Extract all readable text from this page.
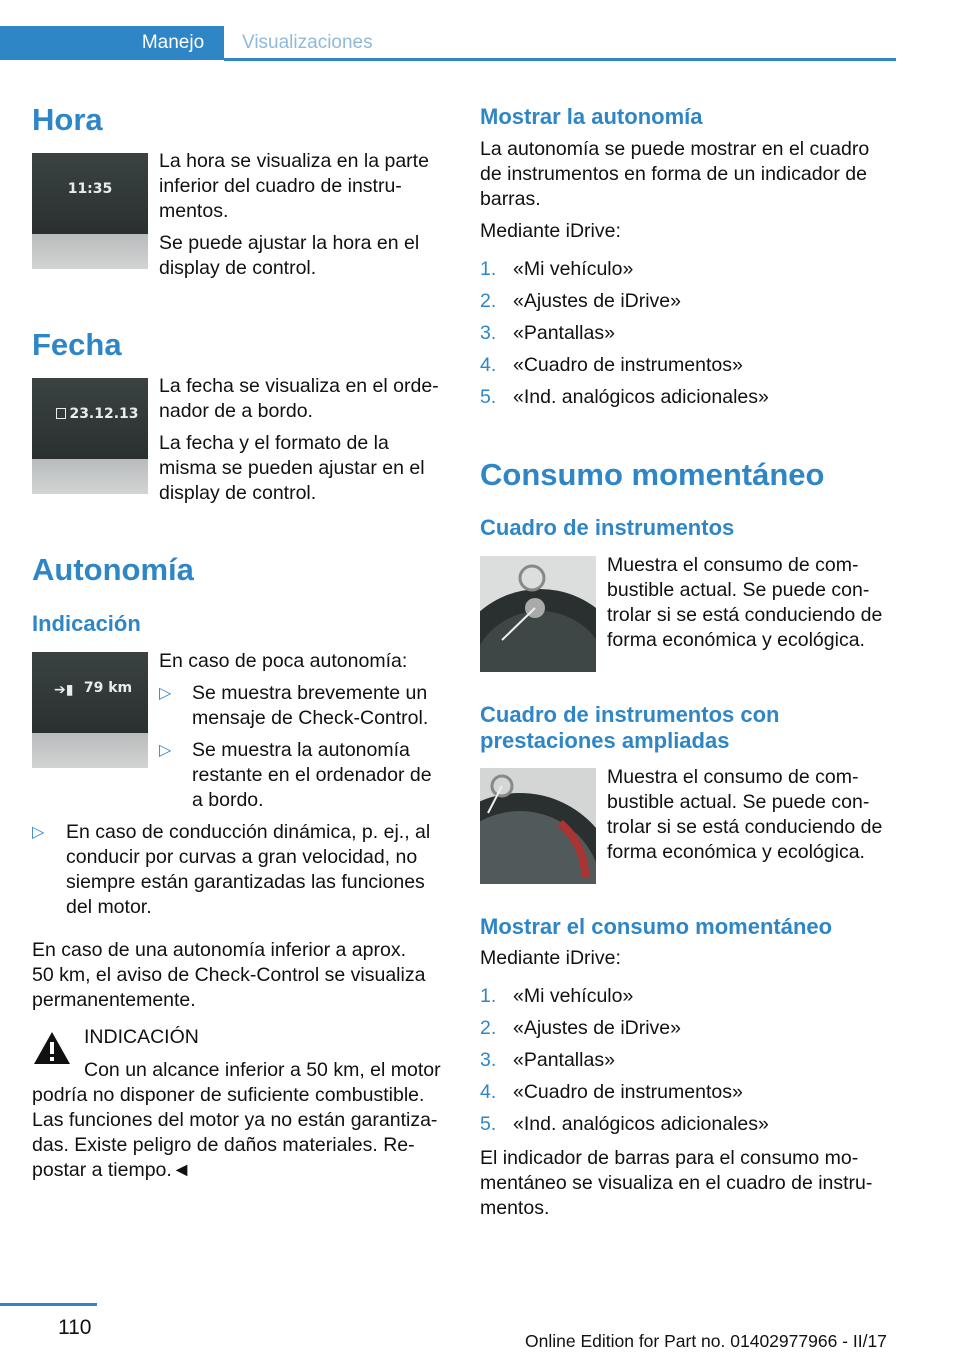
Manejo	Visualizaciones
Hora
11:35
La hora se visualiza en la parte
inferior del cuadro de instru-
mentos.
Se puede ajustar la hora en el
display de control.
Fecha
23.12.13
La fecha se visualiza en el orde-
nador de a bordo.
La fecha y el formato de la
misma se pueden ajustar en el
display de control.
Autonomía
Indicación
➔▮ 79 km
En caso de poca autonomía:
▷ Se muestra brevemente un
mensaje de Check-Control.
▷ Se muestra la autonomía
restante en el ordenador de
a bordo.
▷ En caso de conducción dinámica, p. ej., al
conducir por curvas a gran velocidad, no
siempre están garantizadas las funciones
del motor.
En caso de una autonomía inferior a aprox.
50 km, el aviso de Check-Control se visualiza
permanentemente.
INDICACIÓN
Con un alcance inferior a 50 km, el motor
podría no disponer de suficiente combustible.
Las funciones del motor ya no están garantiza-
das. Existe peligro de daños materiales. Re-
postar a tiempo.◄
Mostrar la autonomía
La autonomía se puede mostrar en el cuadro
de instrumentos en forma de un indicador de
barras.
Mediante iDrive:
1. «Mi vehículo»
2. «Ajustes de iDrive»
3. «Pantallas»
4. «Cuadro de instrumentos»
5. «Ind. analógicos adicionales»
Consumo momentáneo
Cuadro de instrumentos
Muestra el consumo de com-
bustible actual. Se puede con-
trolar si se está conduciendo de
forma económica y ecológica.
Cuadro de instrumentos con
prestaciones ampliadas
Muestra el consumo de com-
bustible actual. Se puede con-
trolar si se está conduciendo de
forma económica y ecológica.
Mostrar el consumo momentáneo
Mediante iDrive:
1. «Mi vehículo»
2. «Ajustes de iDrive»
3. «Pantallas»
4. «Cuadro de instrumentos»
5. «Ind. analógicos adicionales»
El indicador de barras para el consumo mo-
mentáneo se visualiza en el cuadro de instru-
mentos.
110
Online Edition for Part no. 01402977966 - II/17
